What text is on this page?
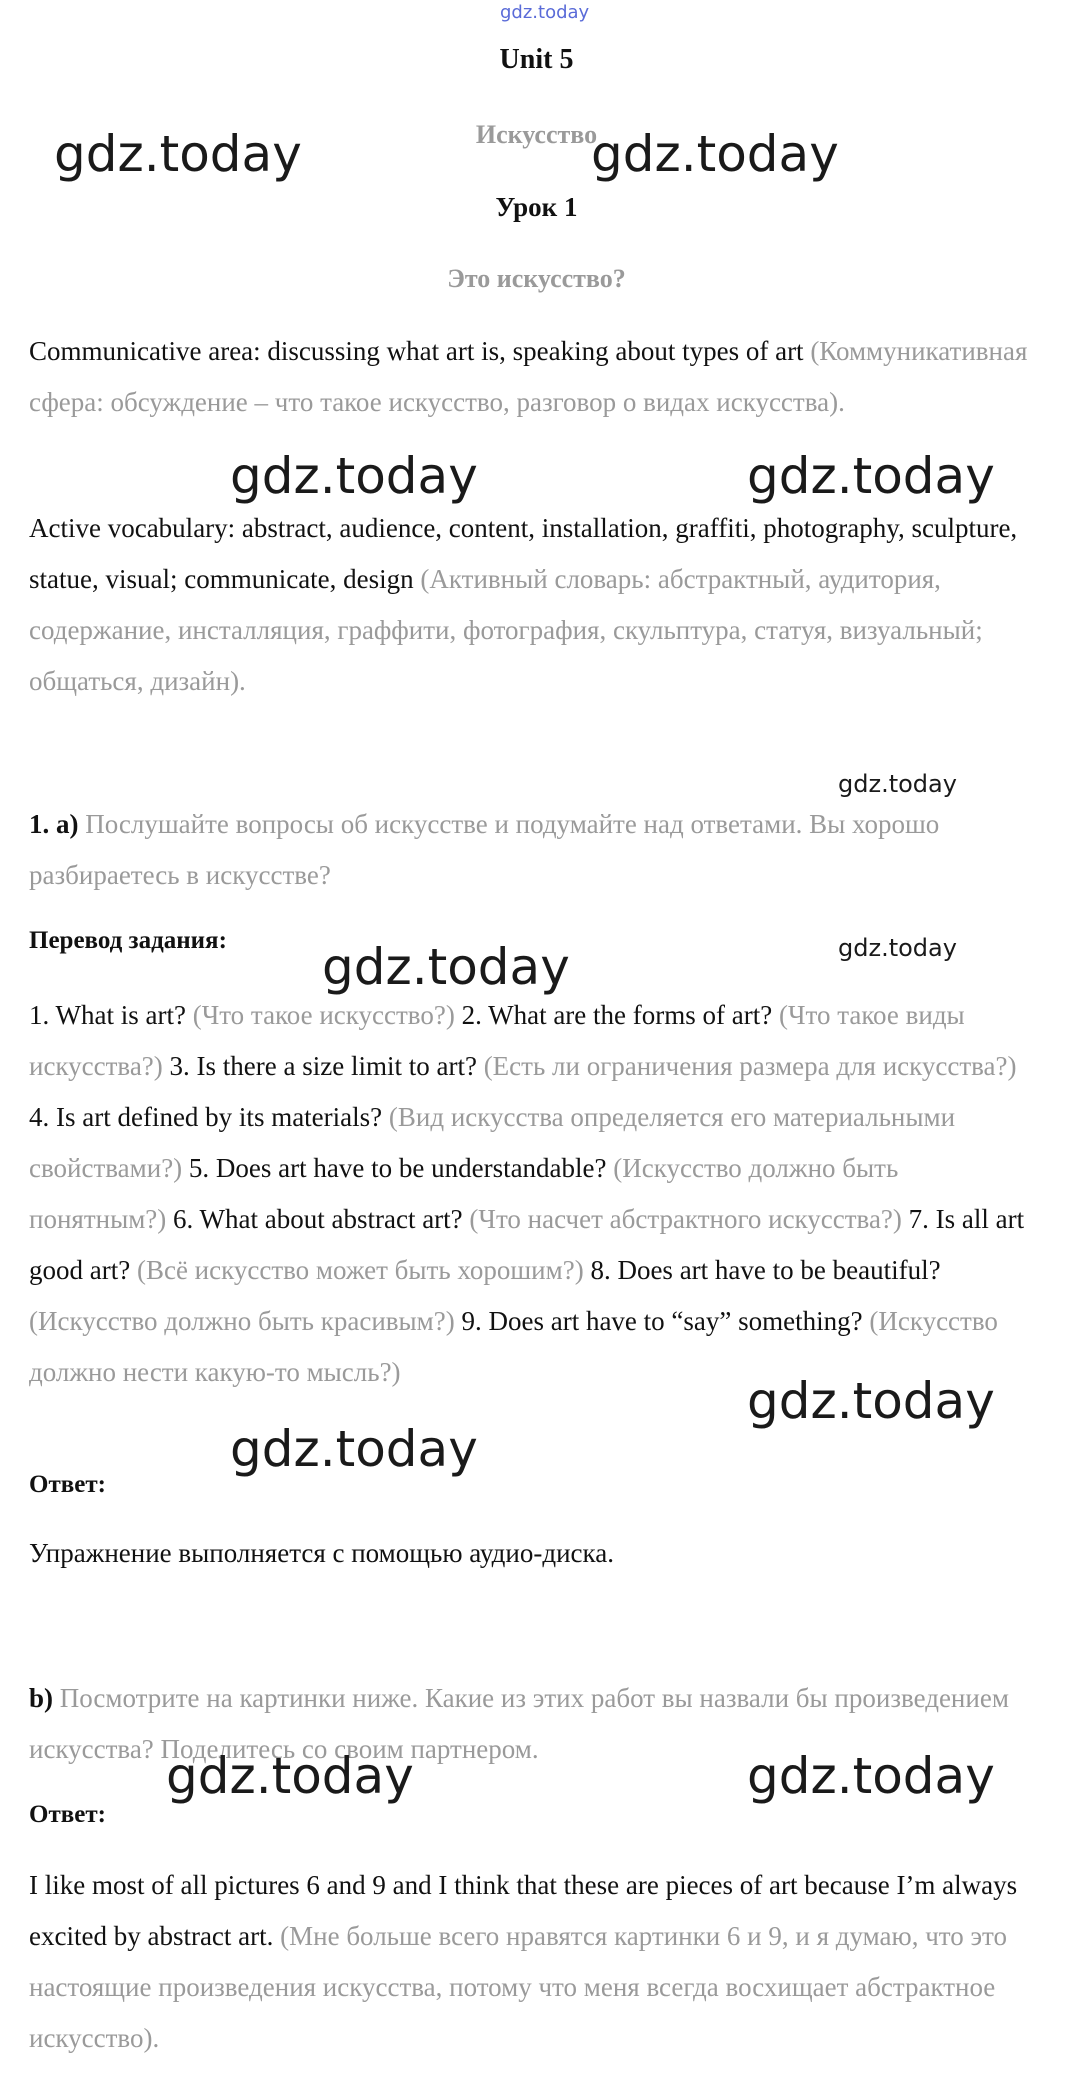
gdz.today
Unit 5
Искусство
Урок 1
Это искусство?
Communicative area: discussing what art is, speaking about types of art (Коммуникативная сфера: обсуждение – что такое искусство, разговор о видах искусства).
Active vocabulary: abstract, audience, content, installation, graffiti, photography, sculpture, statue, visual; communicate, design (Активный словарь: абстрактный, аудитория, содержание, инсталляция, граффити, фотография, скульптура, статуя, визуальный; общаться, дизайн).
1. a) Послушайте вопросы об искусстве и подумайте над ответами. Вы хорошо разбираетесь в искусстве?
Перевод задания:
1. What is art? (Что такое искусство?) 2. What are the forms of art? (Что такое виды искусства?) 3. Is there a size limit to art? (Есть ли ограничения размера для искусства?) 4. Is art defined by its materials? (Вид искусства определяется его материальными свойствами?) 5. Does art have to be understandable? (Искусство должно быть понятным?) 6. What about abstract art? (Что насчет абстрактного искусства?) 7. Is all art good art? (Всё искусство может быть хорошим?) 8. Does art have to be beautiful? (Искусство должно быть красивым?) 9. Does art have to “say” something? (Искусство должно нести какую-то мысль?)
Ответ:
Упражнение выполняется с помощью аудио-диска.
b) Посмотрите на картинки ниже. Какие из этих работ вы назвали бы произведением искусства? Поделитесь со своим партнером.
Ответ:
I like most of all pictures 6 and 9 and I think that these are pieces of art because I’m always excited by abstract art. (Мне больше всего нравятся картинки 6 и 9, и я думаю, что это настоящие произведения искусства, потому что меня всегда восхищает абстрактное искусство).
gdz.today	gdz.today
gdz.today	gdz.today
gdz.today
gdz.today
gdz.today
gdz.today	gdz.today
gdz.today
gdz.today
